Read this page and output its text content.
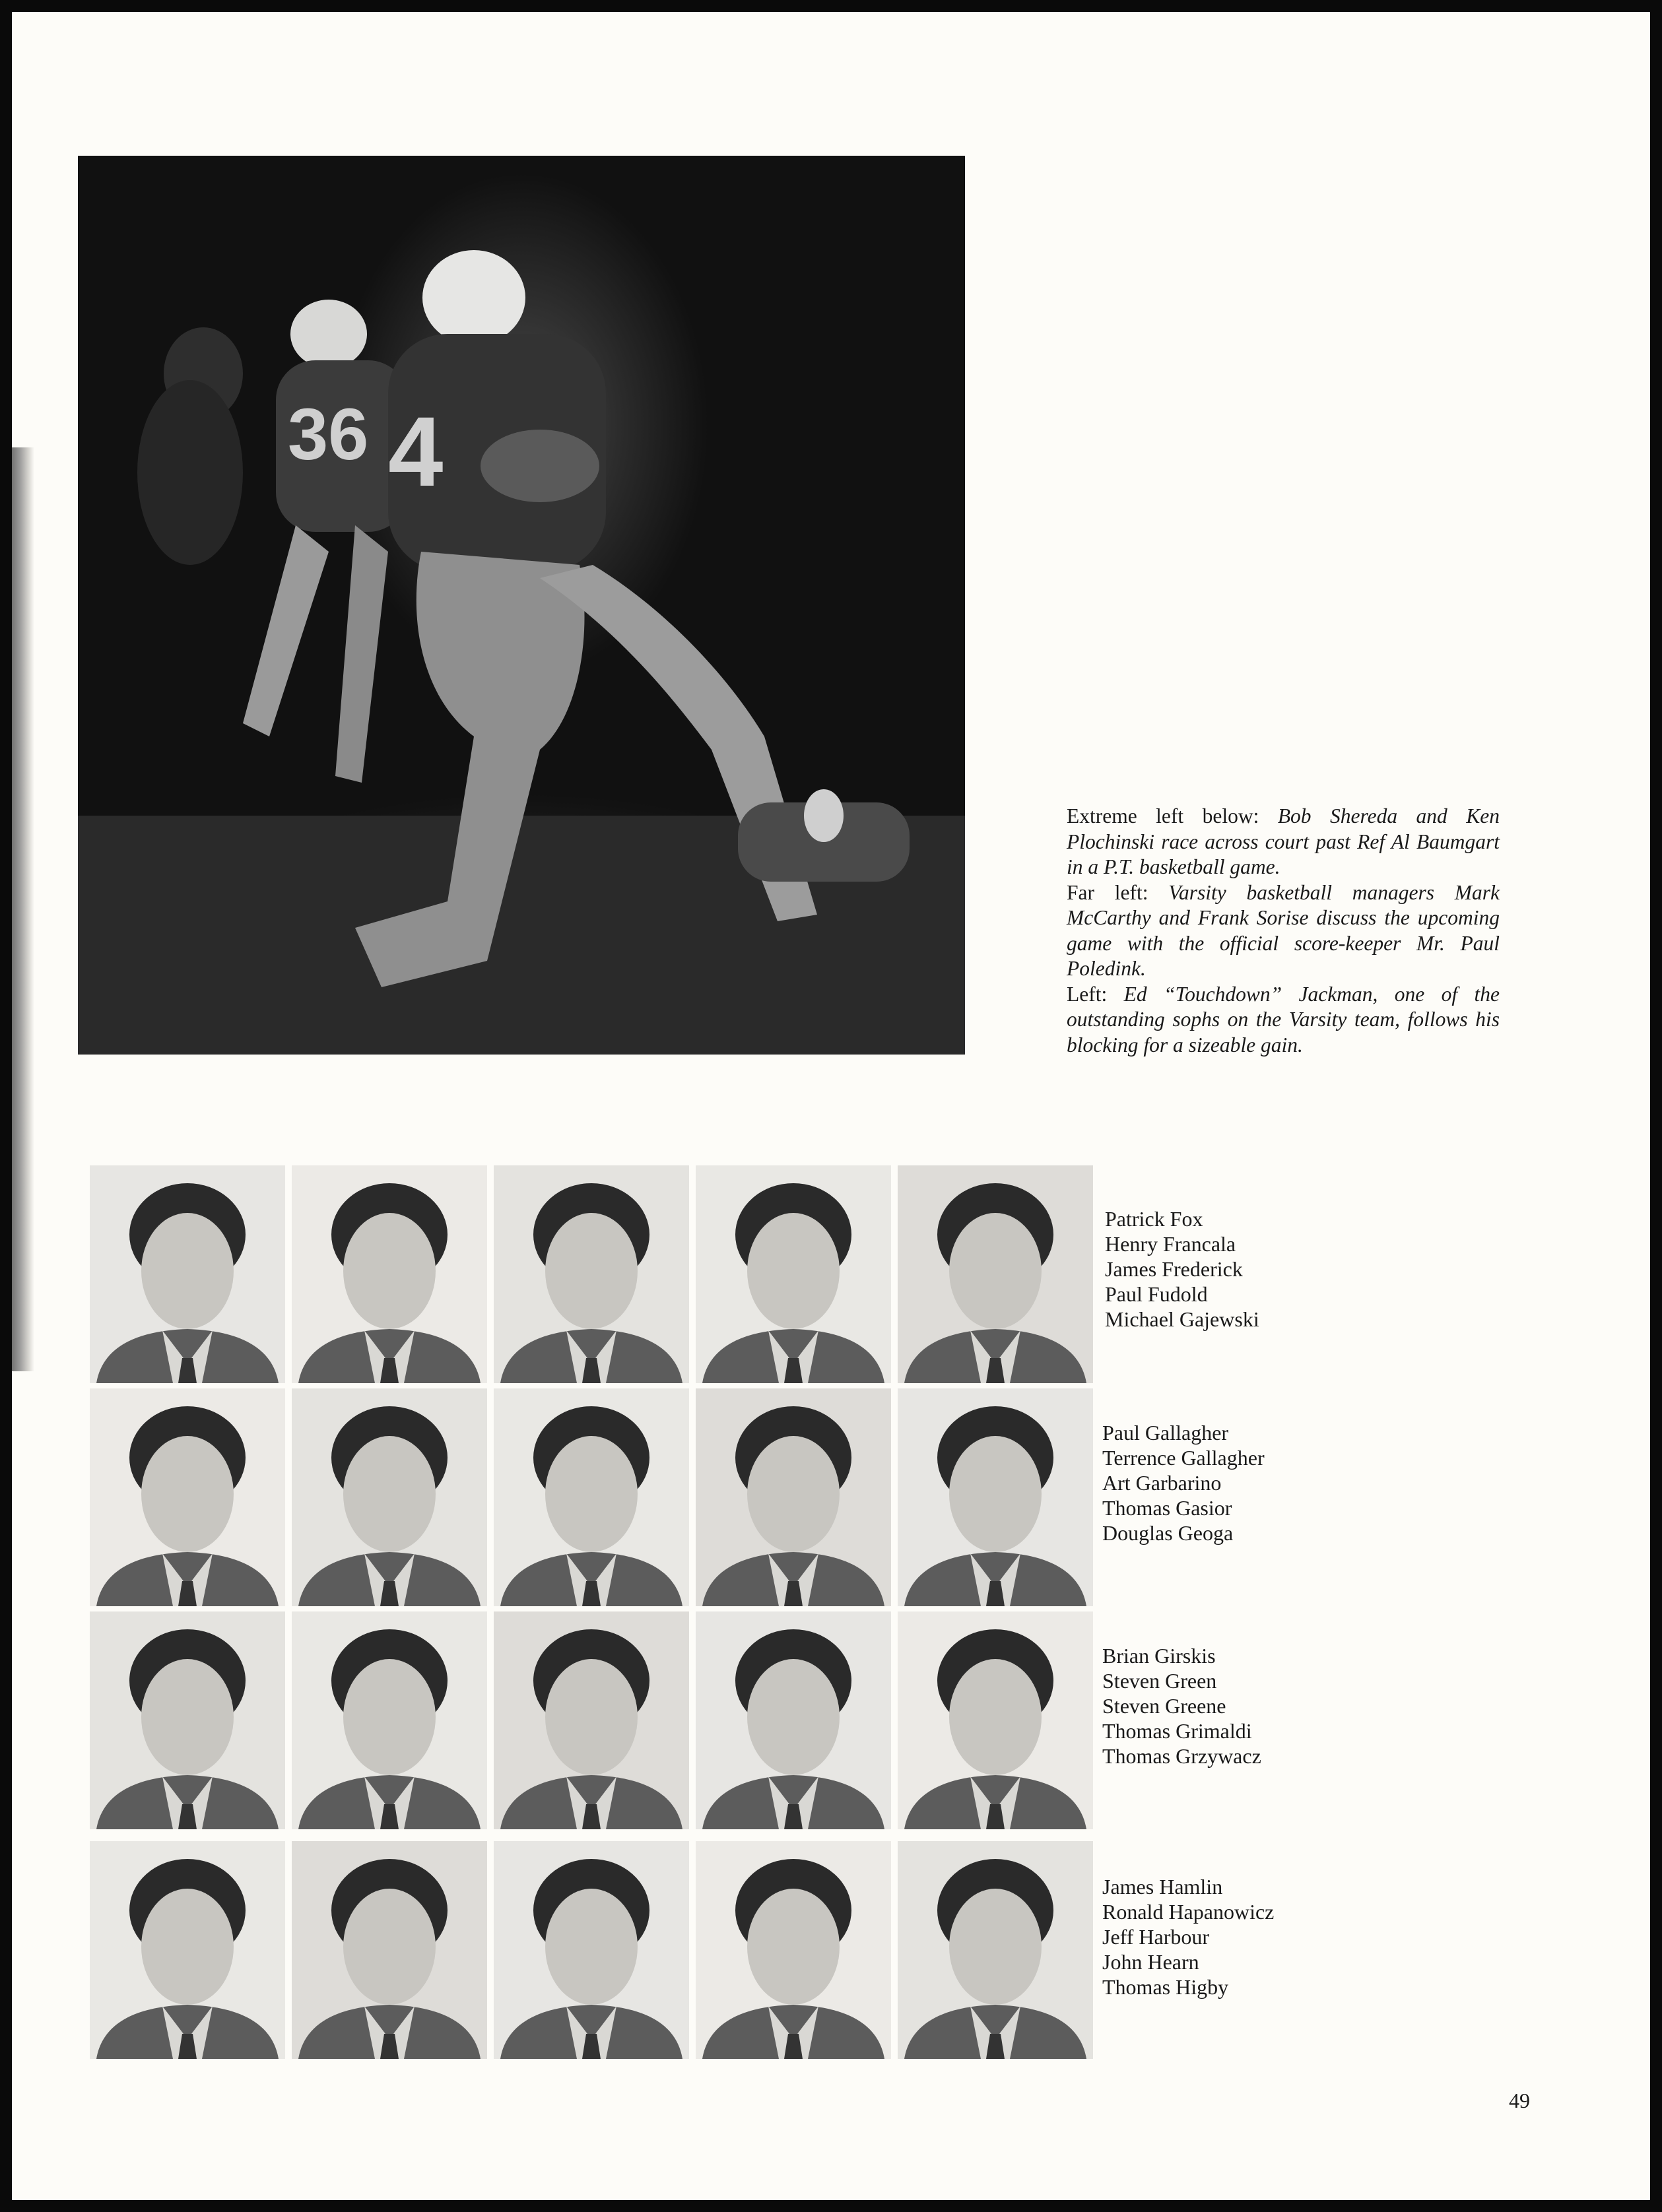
36 4

Extreme left below: Bob Shereda and Ken Plochinski race across court past Ref Al Baumgart in a P.T. basketball game.

Far left: Varsity basketball managers Mark McCarthy and Frank Sorise discuss the upcoming game with the official score-keeper Mr. Paul Poledink.

Left: Ed “Touchdown” Jackman, one of the outstanding sophs on the Varsity team, follows his blocking for a sizeable gain.

Patrick Fox
Henry Francala
James Frederick
Paul Fudold
Michael Gajewski
Paul Gallagher
Terrence Gallagher
Art Garbarino
Thomas Gasior
Douglas Geoga
Brian Girskis
Steven Green
Steven Greene
Thomas Grimaldi
Thomas Grzywacz
James Hamlin
Ronald Hapanowicz
Jeff Harbour
John Hearn
Thomas Higby
49
